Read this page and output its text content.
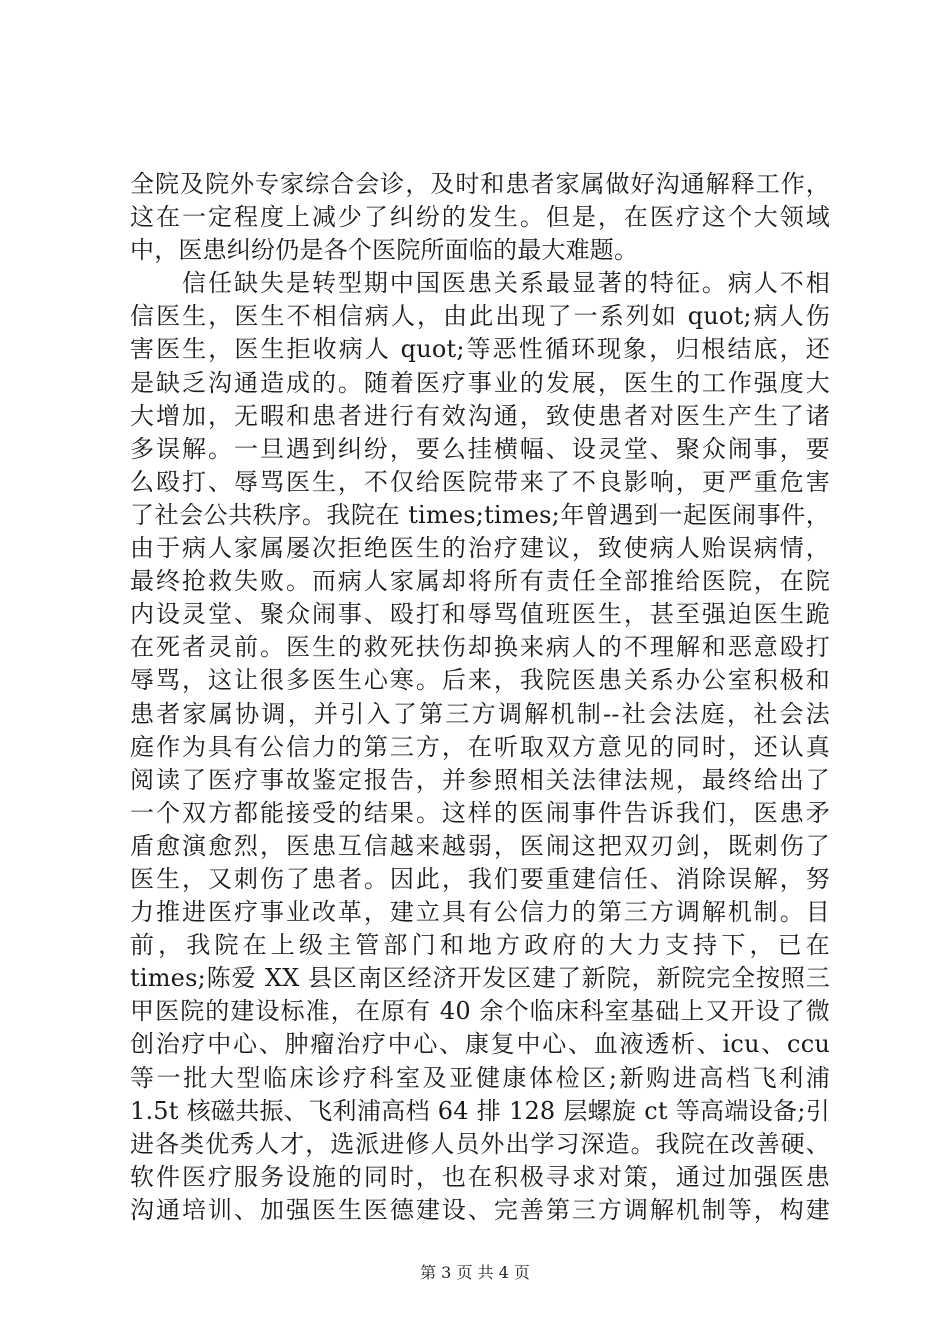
全院及院外专家综合会诊，及时和患者家属做好沟通解释工作，
这在一定程度上减少了纠纷的发生。但是，在医疗这个大领域
中，医患纠纷仍是各个医院所面临的最大难题。
　　信任缺失是转型期中国医患关系最显著的特征。病人不相
信医生，医生不相信病人，由此出现了一系列如 quot;病人伤
害医生，医生拒收病人 quot;等恶性循环现象，归根结底，还
是缺乏沟通造成的。随着医疗事业的发展，医生的工作强度大
大增加，无暇和患者进行有效沟通，致使患者对医生产生了诸
多误解。一旦遇到纠纷，要么挂横幅、设灵堂、聚众闹事，要
么殴打、辱骂医生，不仅给医院带来了不良影响，更严重危害
了社会公共秩序。我院在 times;times;年曾遇到一起医闹事件，
由于病人家属屡次拒绝医生的治疗建议，致使病人贻误病情，
最终抢救失败。而病人家属却将所有责任全部推给医院，在院
内设灵堂、聚众闹事、殴打和辱骂值班医生，甚至强迫医生跪
在死者灵前。医生的救死扶伤却换来病人的不理解和恶意殴打
辱骂，这让很多医生心寒。后来，我院医患关系办公室积极和
患者家属协调，并引入了第三方调解机制--社会法庭，社会法
庭作为具有公信力的第三方，在听取双方意见的同时，还认真
阅读了医疗事故鉴定报告，并参照相关法律法规，最终给出了
一个双方都能接受的结果。这样的医闹事件告诉我们，医患矛
盾愈演愈烈，医患互信越来越弱，医闹这把双刃剑，既刺伤了
医生，又刺伤了患者。因此，我们要重建信任、消除误解，努
力推进医疗事业改革，建立具有公信力的第三方调解机制。目
前，我院在上级主管部门和地方政府的大力支持下，已在
times;陈爱 XX 县区南区经济开发区建了新院，新院完全按照三
甲医院的建设标准，在原有 40 余个临床科室基础上又开设了微
创治疗中心、肿瘤治疗中心、康复中心、血液透析、icu、ccu
等一批大型临床诊疗科室及亚健康体检区;新购进高档飞利浦
1.5t 核磁共振、飞利浦高档 64 排 128 层螺旋 ct 等高端设备;引
进各类优秀人才，选派进修人员外出学习深造。我院在改善硬、
软件医疗服务设施的同时，也在积极寻求对策，通过加强医患
沟通培训、加强医生医德建设、完善第三方调解机制等，构建
第 3 页 共 4 页
